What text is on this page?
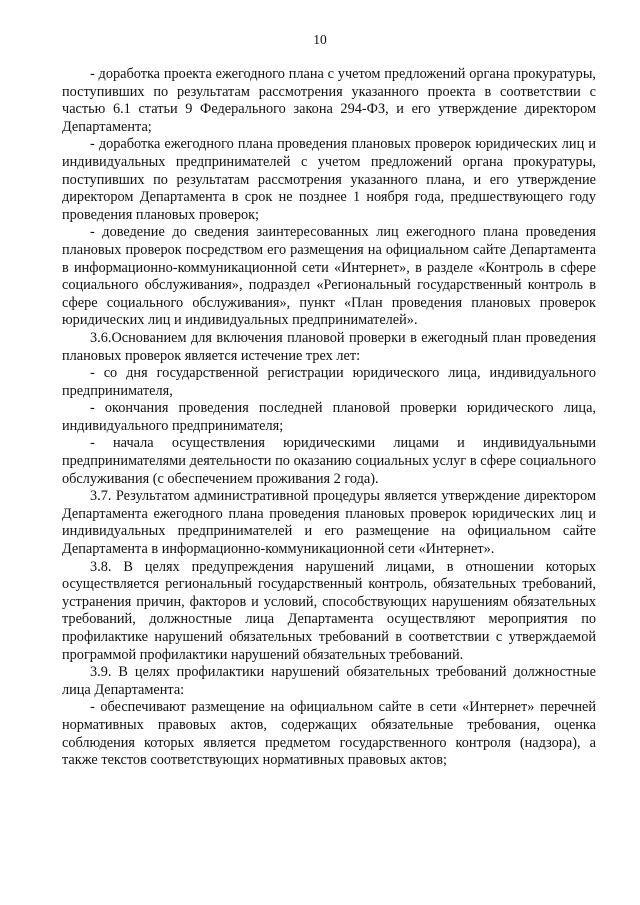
10

- доработка проекта ежегодного плана с учетом предложений органа прокуратуры, поступивших по результатам рассмотрения указанного проекта в соответствии с частью 6.1 статьи 9 Федерального закона 294-ФЗ, и его утверждение директором Департамента;

- доработка ежегодного плана проведения плановых проверок юридических лиц и индивидуальных предпринимателей с учетом предложений органа прокуратуры, поступивших по результатам рассмотрения указанного плана, и его утверждение директором Департамента в срок не позднее 1 ноября года, предшествующего году проведения плановых проверок;

- доведение до сведения заинтересованных лиц ежегодного плана проведения плановых проверок посредством его размещения на официальном сайте Департамента в информационно-коммуникационной сети «Интернет», в разделе «Контроль в сфере социального обслуживания», подраздел «Региональный государственный контроль в сфере социального обслуживания», пункт «План проведения плановых проверок юридических лиц и индивидуальных предпринимателей».

3.6.Основанием для включения плановой проверки в ежегодный план проведения плановых проверок является истечение трех лет:

- со дня государственной регистрации юридического лица, индивидуального предпринимателя,

- окончания проведения последней плановой проверки юридического лица, индивидуального предпринимателя;

- начала осуществления юридическими лицами и индивидуальными предпринимателями деятельности по оказанию социальных услуг в сфере социального обслуживания (с обеспечением проживания 2 года).

3.7. Результатом административной процедуры является утверждение директором Департамента ежегодного плана проведения плановых проверок юридических лиц и индивидуальных предпринимателей и его размещение на официальном сайте Департамента в информационно-коммуникационной сети «Интернет».

3.8. В целях предупреждения нарушений лицами, в отношении которых осуществляется региональный государственный контроль, обязательных требований, устранения причин, факторов и условий, способствующих нарушениям обязательных требований, должностные лица Департамента осуществляют мероприятия по профилактике нарушений обязательных требований в соответствии с утверждаемой программой профилактики нарушений обязательных требований.

3.9. В целях профилактики нарушений обязательных требований должностные лица Департамента:

- обеспечивают размещение на официальном сайте в сети «Интернет» перечней нормативных правовых актов, содержащих обязательные требования, оценка соблюдения которых является предметом государственного контроля (надзора), а также текстов соответствующих нормативных правовых актов;
